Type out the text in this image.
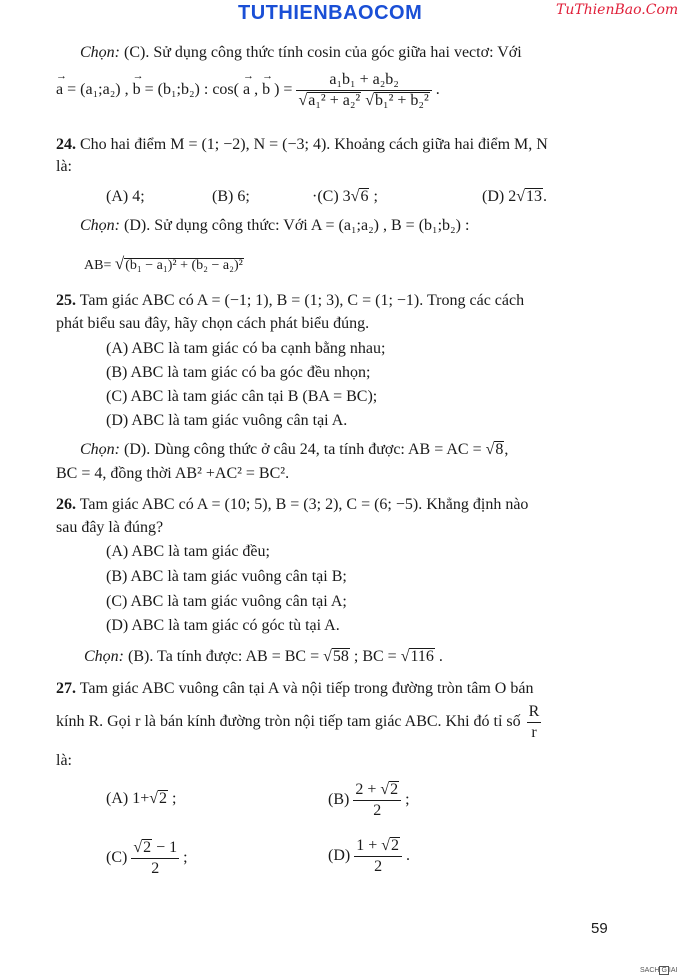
TUTHIENBAOCOM	TuThienBao.Com
Chọn: (C). Sử dụng công thức tính cosin của góc giữa hai vectơ: Với
→ a = (a₁;a₂) , → b = (b₁;b₂) : cos( → a , → b ) = $\frac{\text{a₁b₁ + a₂b₂}}{\text{√a₁² + a₂² √b₁² + b₂²}}$ .
24. Cho hai điểm M = (1; −2), N = (−3; 4). Khoảng cách giữa hai điểm M, N
là:
(A) 4;	(B) 6;	·(C) 3√6 ;	(D) 2√13.
Chọn: (D). Sử dụng công thức: Với A = (a₁;a₂) , B = (b₁;b₂) :
AB= √(b₁ − a₁)² + (b₂ − a₂)²
25. Tam giác ABC có A = (−1; 1), B = (1; 3), C = (1; −1). Trong các cách
phát biểu sau đây, hãy chọn cách phát biểu đúng.
(A) ABC là tam giác có ba cạnh bằng nhau;
(B) ABC là tam giác có ba góc đều nhọn;
(C) ABC là tam giác cân tại B (BA = BC);
(D) ABC là tam giác vuông cân tại A.
Chọn: (D). Dùng công thức ở câu 24, ta tính được: AB = AC = √8,
BC = 4, đồng thời AB² +AC² = BC².
26. Tam giác ABC có A = (10; 5), B = (3; 2), C = (6; −5). Khẳng định nào
sau đây là đúng?
(A) ABC là tam giác đều;
(B) ABC là tam giác vuông cân tại B;
(C) ABC là tam giác vuông cân tại A;
(D) ABC là tam giác có góc tù tại A.
Chọn: (B). Ta tính được: AB = BC = √58 ; BC = √116 .
27. Tam giác ABC vuông cân tại A và nội tiếp trong đường tròn tâm O bán
kính R. Gọi r là bán kính đường tròn nội tiếp tam giác ABC. Khi đó tỉ số $\frac{R}{r}$
là:
(A) 1+√2 ;	$(B) \frac{2 + √2}{2}$ ;
$(C) \frac{√2 - 1}{2}$ ;	$(D) \frac{1 + √2}{2}$ .
59
SACH G IAI
